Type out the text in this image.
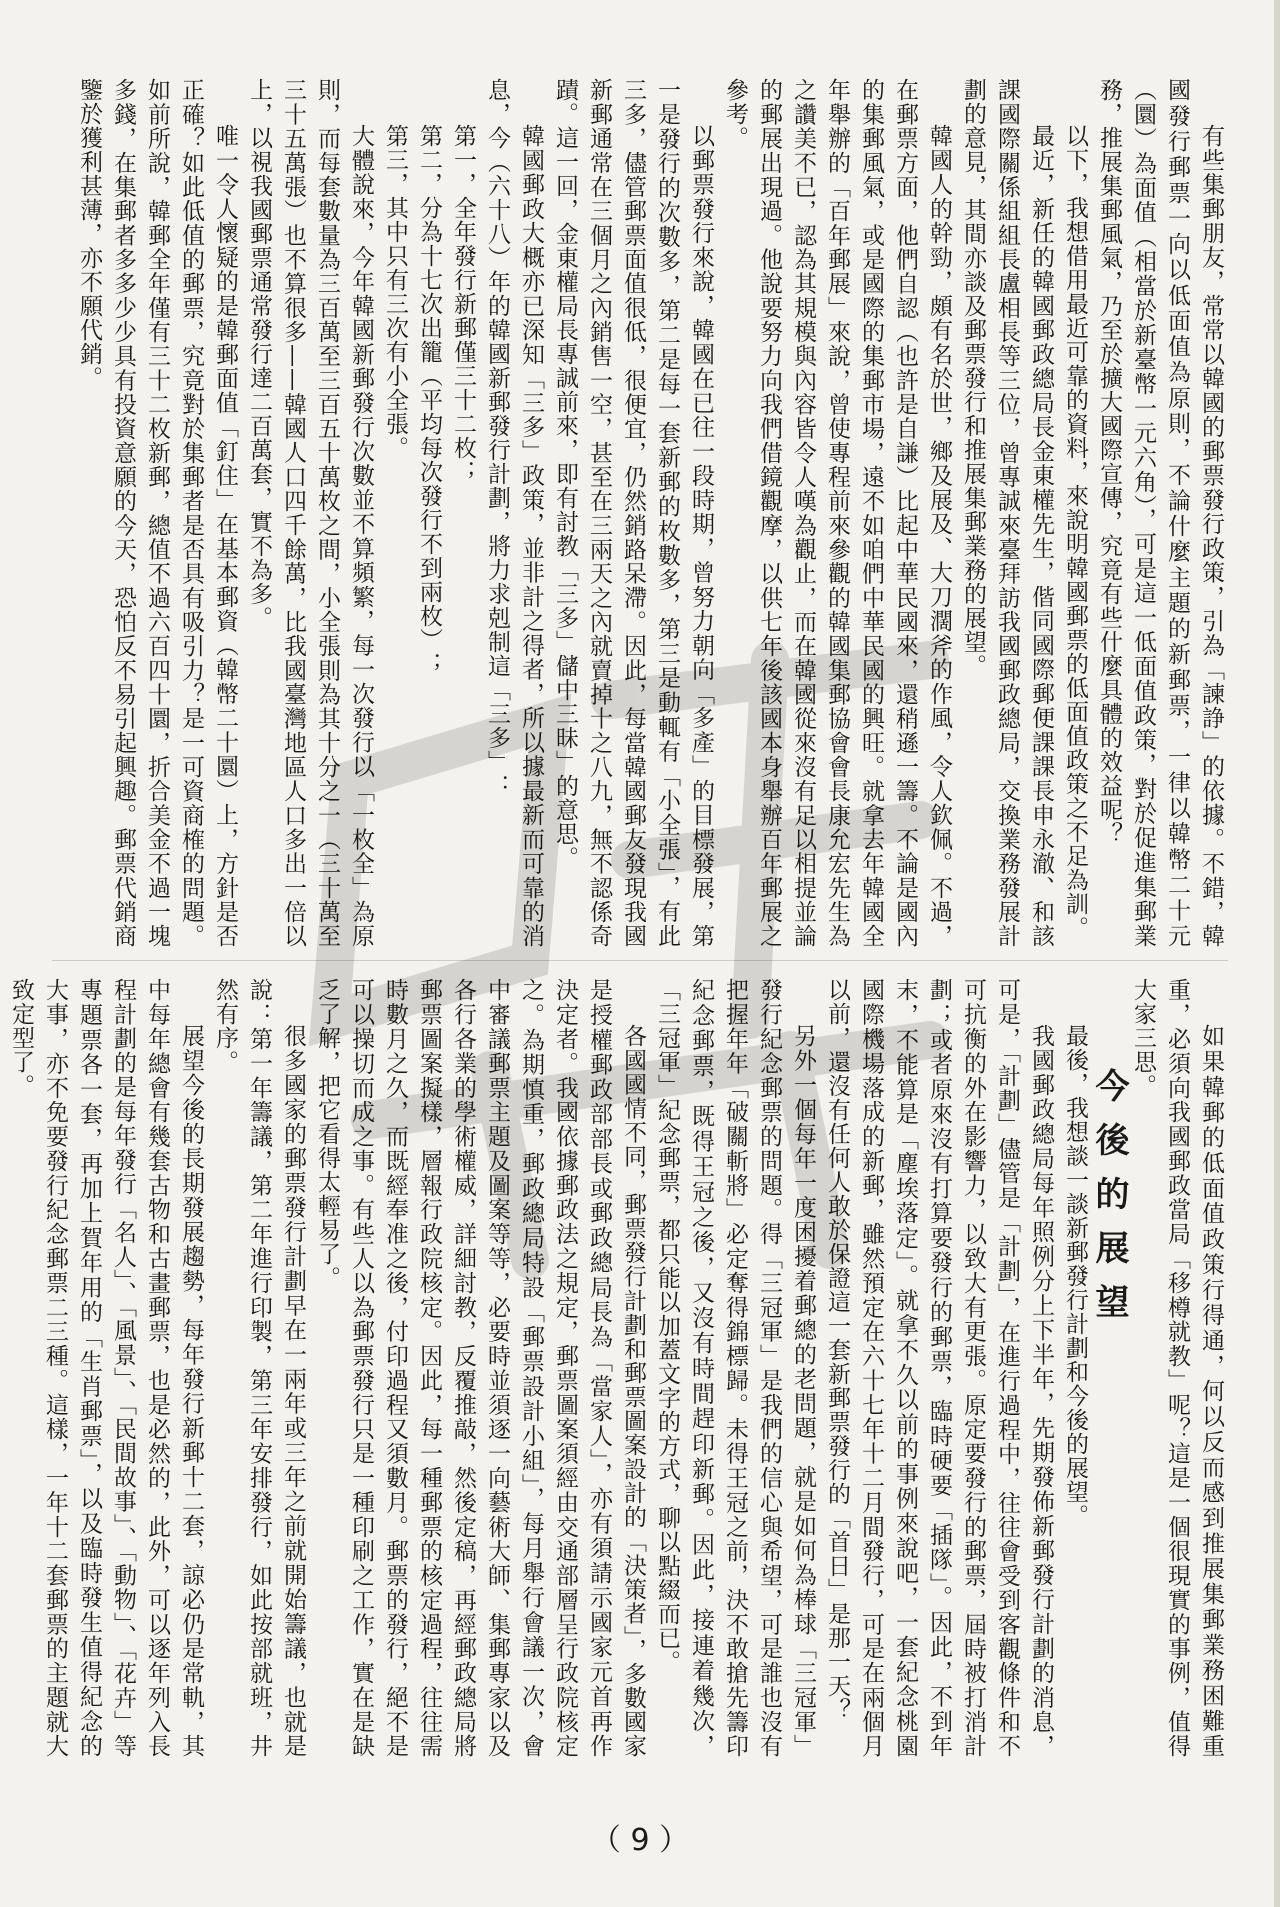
有些集郵朋友，常常以韓國的郵票發行政策，引為「諫諍」的依據。不錯，韓國發行郵票一向以低面值為原則，不論什麼主題的新郵票，一律以韓幣二十元（圜）為面值（相當於新臺幣一元六角），可是這一低面值政策，對於促進集郵業務，推展集郵風氣，乃至於擴大國際宣傳，究竟有些什麼具體的效益呢？

以下，我想借用最近可靠的資料，來說明韓國郵票的低面值政策之不足為訓。

最近，新任的韓國郵政總局長金東權先生，偕同國際郵便課課長申永澈、和該課國際關係組組長盧相長等三位，曾專誠來臺拜訪我國郵政總局，交換業務發展計劃的意見，其間亦談及郵票發行和推展集郵業務的展望。

韓國人的幹勁，頗有名於世，鄉及展及、大刀濶斧的作風，令人欽佩。不過，在郵票方面，他們自認（也許是自謙）比起中華民國來，還稍遜一籌。不論是國內的集郵風氣，或是國際的集郵市場，遠不如咱們中華民國的興旺。就拿去年韓國全年舉辦的「百年郵展」來說，曾使專程前來參觀的韓國集郵協會會長康允宏先生為之讚美不已，認為其規模與內容皆令人嘆為觀止，而在韓國從來沒有足以相提並論的郵展出現過。他說要努力向我們借鏡觀摩，以供七年後該國本身舉辦百年郵展之參考。

以郵票發行來說，韓國在已往一段時期，曾努力朝向「多產」的目標發展，第一是發行的次數多，第二是每一套新郵的枚數多，第三是動輒有「小全張」，有此三多，儘管郵票面值很低，很便宜，仍然銷路呆滯。因此，每當韓國郵友發現我國新郵通常在三個月之內銷售一空，甚至在三兩天之內就賣掉十之八九，無不認係奇蹟。這一回，金東權局長專誠前來，即有討教「三多」儲中三昧」的意思。

韓國郵政大概亦已深知「三多」政策，並非計之得者，所以據最新而可靠的消息，今（六十八）年的韓國新郵發行計劃，將力求剋制這「三多」：

第一，全年發行新郵僅三十二枚；

第二，分為十七次出籠（平均每次發行不到兩枚）；

第三，其中只有三次有小全張。

大體說來，今年韓國新郵發行次數並不算頻繁，每一次發行以「一枚全」為原則，而每套數量為三百萬至三百五十萬枚之間，小全張則為其十分之一（三十萬至三十五萬張）也不算很多——韓國人口四千餘萬，比我國臺灣地區人口多出一倍以上，以視我國郵票通常發行達二百萬套，實不為多。

唯一令人懷疑的是韓郵面值「釘住」在基本郵資（韓幣二十圜）上，方針是否正確？如此低值的郵票，究竟對於集郵者是否具有吸引力？是一可資商榷的問題。如前所說，韓郵全年僅有三十二枚新郵，總值不過六百四十圜，折合美金不過一塊多錢，在集郵者多多少少具有投資意願的今天，恐怕反不易引起興趣。郵票代銷商鑒於獲利甚薄，亦不願代銷。

如果韓郵的低面值政策行得通，何以反而感到推展集郵業務困難重重，必須向我國郵政當局「移樽就教」呢？這是一個很現實的事例，值得大家三思。

今後的展望

最後，我想談一談新郵發行計劃和今後的展望。

我國郵政總局每年照例分上下半年，先期發佈新郵發行計劃的消息，可是，「計劃」儘管是「計劃」，在進行過程中，往往會受到客觀條件和不可抗衡的外在影響力，以致大有更張。原定要發行的郵票，屆時被打消計劃；或者原來沒有打算要發行的郵票，臨時硬要「插隊」。因此，不到年末，不能算是「塵埃落定」。就拿不久以前的事例來說吧，一套紀念桃園國際機場落成的新郵，雖然預定在六十七年十二月間發行，可是在兩個月以前，還沒有任何人敢於保證這一套新郵票發行的「首日」是那一天？

另外一個每年一度困擾着郵總的老問題，就是如何為棒球「三冠軍」發行紀念郵票的問題。得「三冠軍」是我們的信心與希望，可是誰也沒有把握年年「破關斬將」必定奪得錦標歸。未得王冠之前，決不敢搶先籌印紀念郵票，既得王冠之後，又沒有時間趕印新郵。因此，接連着幾次，「三冠軍」紀念郵票，都只能以加蓋文字的方式，聊以點綴而已。

各國國情不同，郵票發行計劃和郵票圖案設計的「決策者」，多數國家是授權郵政部部長或郵政總局長為「當家人」，亦有須請示國家元首再作決定者。我國依據郵政法之規定，郵票圖案須經由交通部層呈行政院核定之。為期慎重，郵政總局特設「郵票設計小組」，每月舉行會議一次，會中審議郵票主題及圖案等等，必要時並須逐一向藝術大師、集郵專家以及各行各業的學術權威，詳細討教，反覆推敲，然後定稿，再經郵政總局將郵票圖案擬樣，層報行政院核定。因此，每一種郵票的核定過程，往往需時數月之久，而既經奉准之後，付印過程又須數月。郵票的發行，絕不是可以操切而成之事。有些人以為郵票發行只是一種印刷之工作，實在是缺乏了解，把它看得太輕易了。

很多國家的郵票發行計劃早在一兩年或三年之前就開始籌議，也就是說：第一年籌議，第二年進行印製，第三年安排發行，如此按部就班，井然有序。

展望今後的長期發展趨勢，每年發行新郵十二套，諒必仍是常軌，其中每年總會有幾套古物和古畫郵票，也是必然的，此外，可以逐年列入長程計劃的是每年發行「名人」、「風景」、「民間故事」、「動物」、「花卉」等專題票各一套，再加上賀年用的「生肖郵票」，以及臨時發生值得紀念的大事，亦不免要發行紀念郵票二三種。這樣，一年十二套郵票的主題就大致定型了。

（ 9 ）
